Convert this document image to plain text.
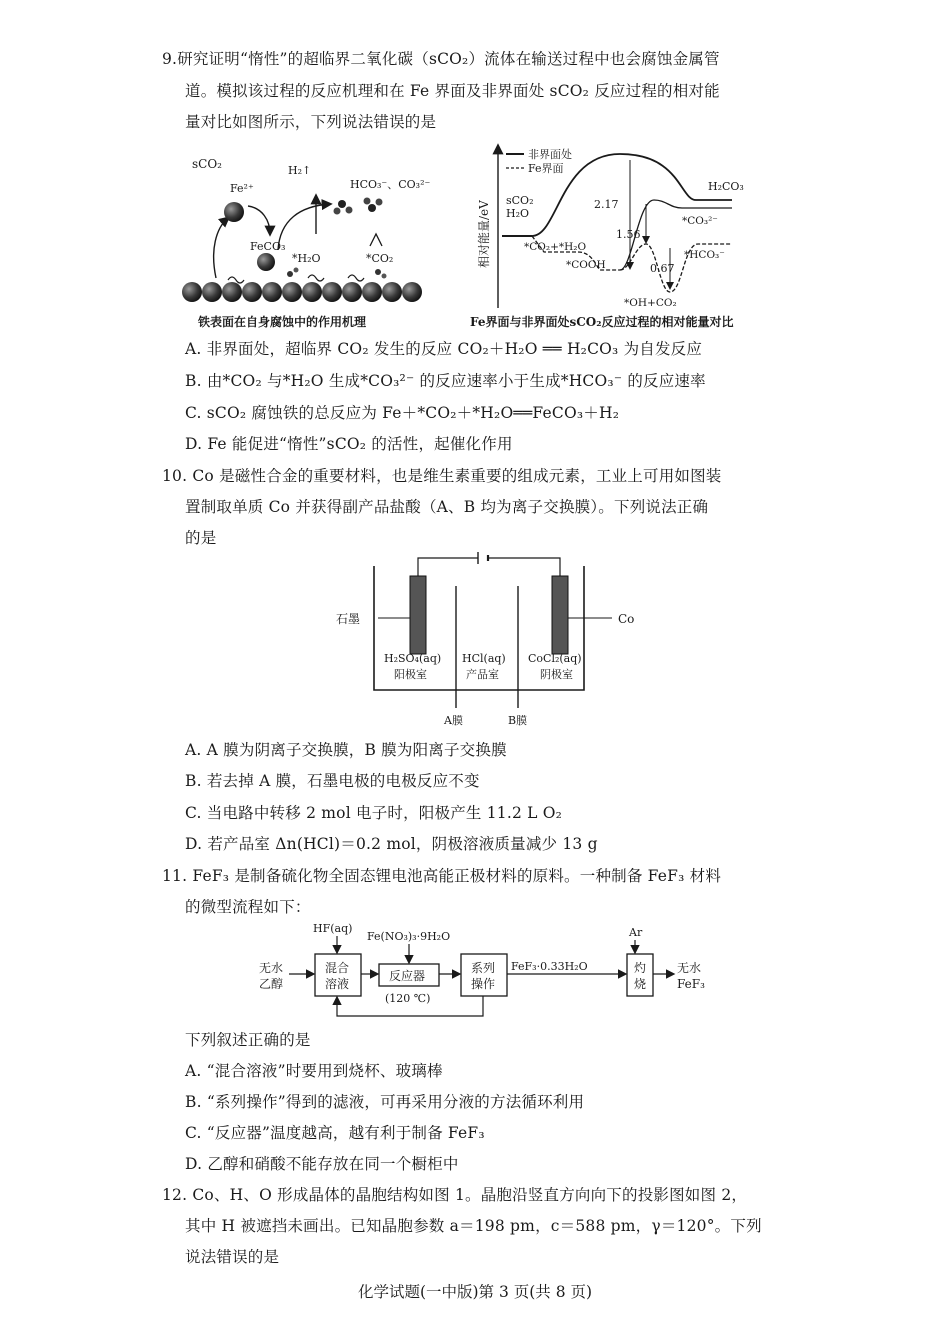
9.研究证明“惰性”的超临界二氧化碳（sCO₂）流体在输送过程中也会腐蚀金属管
道。模拟该过程的反应机理和在 Fe 界面及非界面处 sCO₂ 反应过程的相对能
量对比如图所示，下列说法错误的是
sCO₂
Fe²⁺
H₂↑
HCO₃⁻、CO₃²⁻
FeCO₃
*H₂O	*CO₂
铁表面在自身腐蚀中的作用机理
相对能量/eV
非界面处
Fe界面
sCO₂
H₂O
H₂CO₃
*CO₂+*H₂O
*COOH
*CO₃²⁻
*HCO₃⁻
*OH+CO₂
2.17
1.56
0.67
Fe界面与非界面处sCO₂反应过程的相对能量对比
A. 非界面处，超临界 CO₂ 发生的反应 CO₂＋H₂O ══ H₂CO₃ 为自发反应
B. 由*CO₂ 与*H₂O 生成*CO₃²⁻ 的反应速率小于生成*HCO₃⁻ 的反应速率
C. sCO₂ 腐蚀铁的总反应为 Fe＋*CO₂＋*H₂O══FeCO₃＋H₂
D. Fe 能促进“惰性”sCO₂ 的活性，起催化作用
10. Co 是磁性合金的重要材料，也是维生素重要的组成元素，工业上可用如图装
置制取单质 Co 并获得副产品盐酸（A、B 均为离子交换膜）。下列说法正确
的是
石墨	Co
H₂SO₄(aq)
阳极室
HCl(aq)
产品室
CoCl₂(aq)
阴极室
A膜	B膜
A. A 膜为阴离子交换膜，B 膜为阳离子交换膜
B. 若去掉 A 膜，石墨电极的电极反应不变
C. 当电路中转移 2 mol 电子时，阳极产生 11.2 L O₂
D. 若产品室 Δn(HCl)＝0.2 mol，阴极溶液质量减少 13 g
11. FeF₃ 是制备硫化物全固态锂电池高能正极材料的原料。一种制备 FeF₃ 材料
的微型流程如下：
HF(aq)
Fe(NO₃)₃·9H₂O	Ar
无水
乙醇
混合
溶液
反应器
(120 ℃)
系列
操作
FeF₃·0.33H₂O	灼
烧
无水
FeF₃
下列叙述正确的是
A. “混合溶液”时要用到烧杯、玻璃棒
B. “系列操作”得到的滤液，可再采用分液的方法循环利用
C. “反应器”温度越高，越有利于制备 FeF₃
D. 乙醇和硝酸不能存放在同一个橱柜中
12. Co、H、O 形成晶体的晶胞结构如图 1。晶胞沿竖直方向向下的投影图如图 2，
其中 H 被遮挡未画出。已知晶胞参数 a＝198 pm，c＝588 pm，γ＝120°。下列
说法错误的是
化学试题(一中版)第 3 页(共 8 页)
